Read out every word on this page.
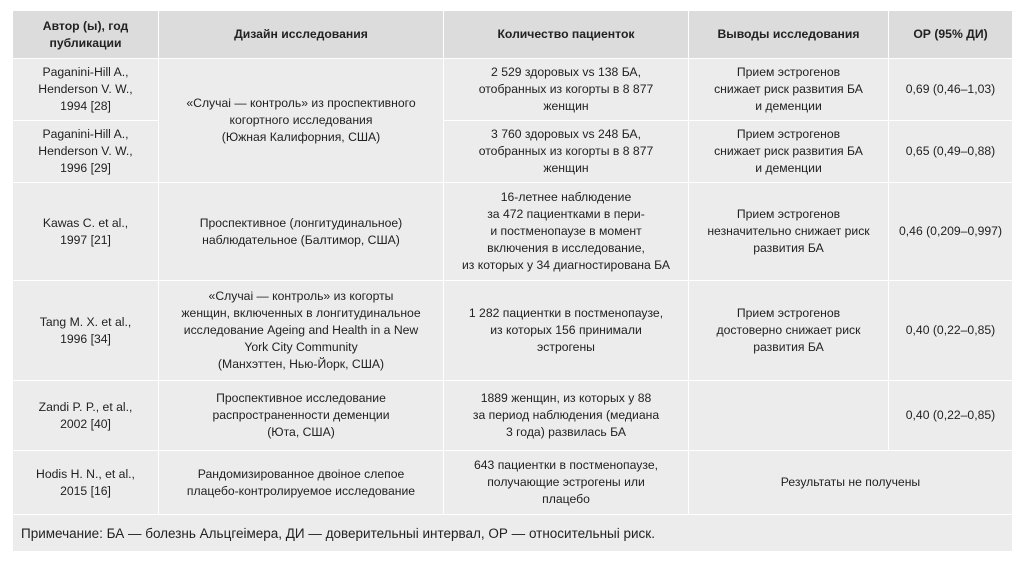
Автор (ы), год
публикации	Дизайн исследования	Количество пациенток	Выводы исследования	ОР (95% ДИ)

Paganini-Hill A.,
Henderson V. W.,
1994 [28]	«Случаі — контроль» из проспективного
когортного исследования
(Южная Калифорния, США)	2 529 здоровых vs 138 БА,
отобранных из когорты в 8 877
женщин	Прием эстрогенов
снижает риск развития БА
и деменции	0,69 (0,46–1,03)

Paganini-Hill A.,
Henderson V. W.,
1996 [29]		3 760 здоровых vs 248 БА,
отобранных из когорты в 8 877
женщин	Прием эстрогенов
снижает риск развития БА
и деменции	0,65 (0,49–0,88)

Kawas C. et al.,
1997 [21]	Проспективное (лонгитудинальное)
наблюдательное (Балтимор, США)	16-летнее наблюдение
за 472 пациентками в пери-
и постменопаузе в момент
включения в исследование,
из которых у 34 диагностирована БА	Прием эстрогенов
незначительно снижает риск
развития БА	0,46 (0,209–0,997)

Tang M. X. et al.,
1996 [34]	«Случаі — контроль» из когорты
женщин, включенных в лонгитудинальное
исследование Ageing and Health in a New
York City Community
(Манхэттен, Нью-Йорк, США)	1 282 пациентки в постменопаузе,
из которых 156 принимали
эстрогены	Прием эстрогенов
достоверно снижает риск
развития БА	0,40 (0,22–0,85)

Zandi P. P., et al.,
2002 [40]	Проспективное исследование
распространенности деменции
(Юта, США)	1889 женщин, из которых у 88
за период наблюдения (медиана
3 года) развилась БА		0,40 (0,22–0,85)

Hodis H. N., et al.,
2015 [16]	Рандомизированное двоіное слепое
плацебо-контролируемое исследование	643 пациентки в постменопаузе,
получающие эстрогены или
плацебо	Результаты не получены	

Примечание: БА — болезнь Альцгеімера, ДИ — доверительныі интервал, ОР — относительныі риск.				
